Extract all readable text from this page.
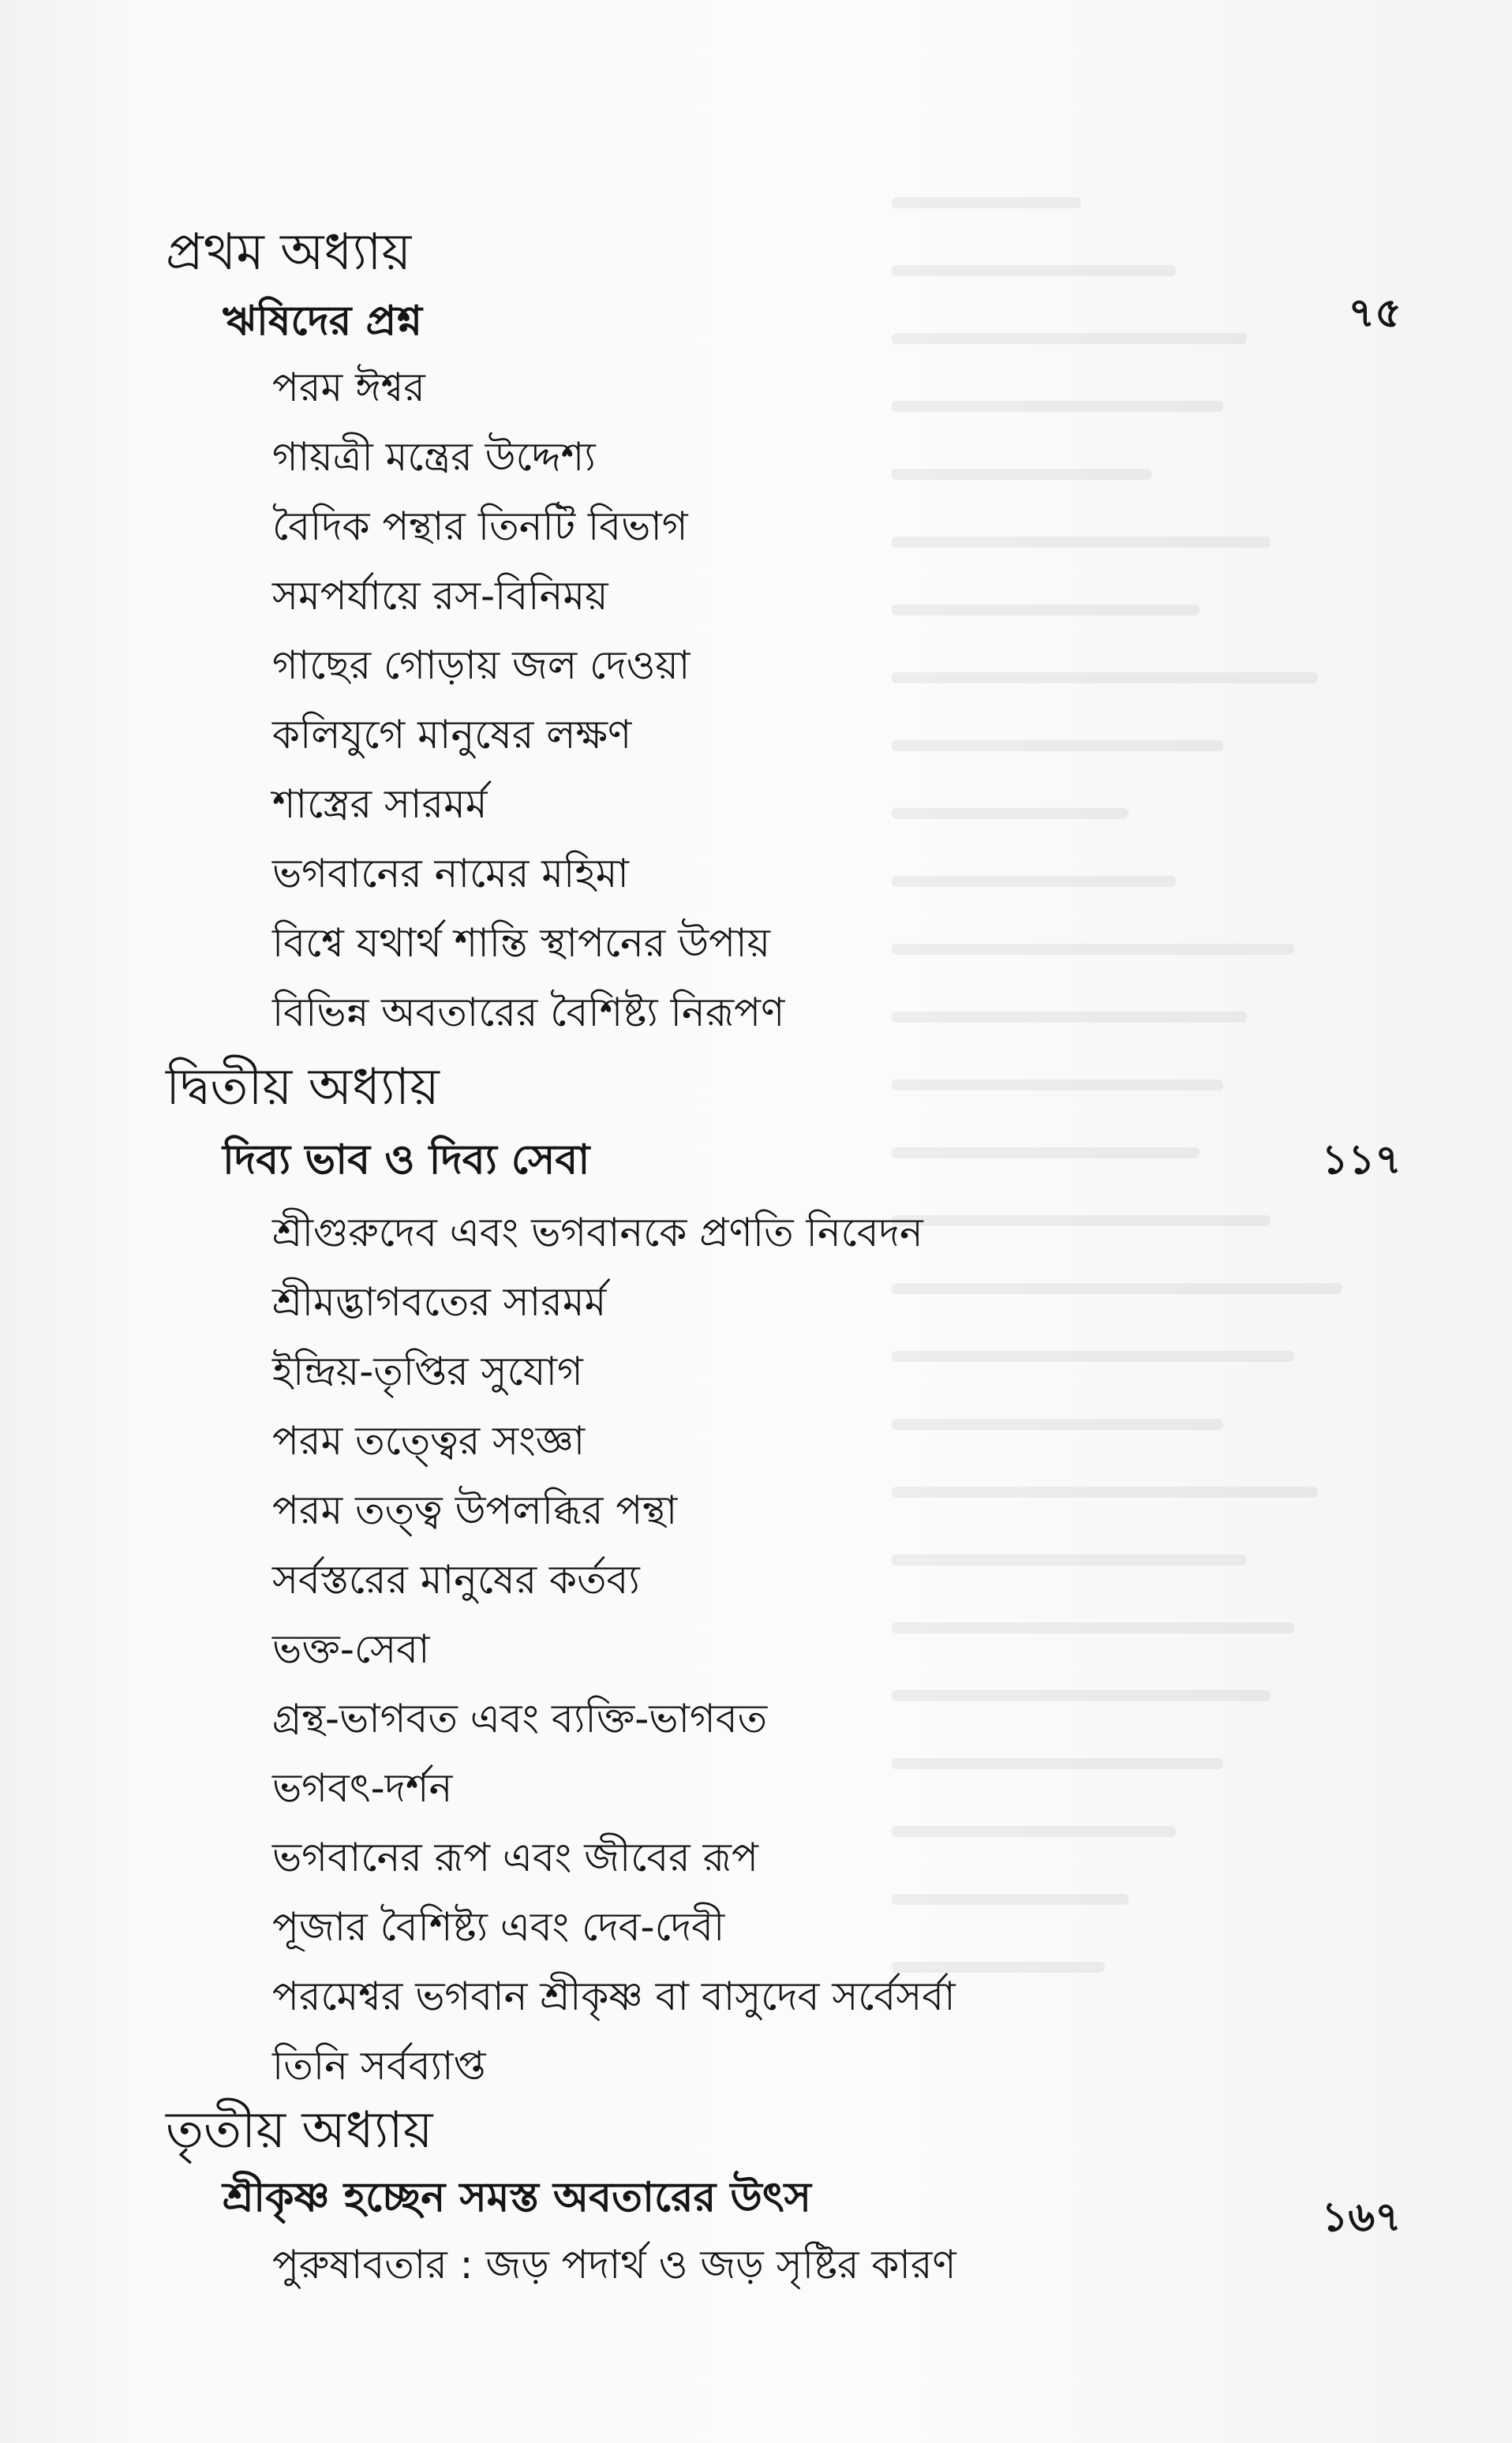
প্রথম অধ্যায়
ঋষিদের প্রশ্ন	৭৫
পরম ঈশ্বর
গায়ত্রী মন্ত্রের উদ্দেশ্য
বৈদিক পন্থার তিনটি বিভাগ
সমপর্যায়ে রস-বিনিময়
গাছের গোড়ায় জল দেওয়া
কলিযুগে মানুষের লক্ষণ
শাস্ত্রের সারমর্ম
ভগবানের নামের মহিমা
বিশ্বে যথার্থ শান্তি স্থাপনের উপায়
বিভিন্ন অবতারের বৈশিষ্ট্য নিরূপণ
দ্বিতীয় অধ্যায়
দিব্য ভাব ও দিব্য সেবা	১১৭
শ্রীগুরুদেব এবং ভগবানকে প্রণতি নিবেদন
শ্রীমদ্ভাগবতের সারমর্ম
ইন্দ্রিয়-তৃপ্তির সুযোগ
পরম তত্ত্বের সংজ্ঞা
পরম তত্ত্ব উপলব্ধির পন্থা
সর্বস্তরের মানুষের কর্তব্য
ভক্ত-সেবা
গ্রন্থ-ভাগবত এবং ব্যক্তি-ভাগবত
ভগবৎ-দর্শন
ভগবানের রূপ এবং জীবের রূপ
পূজার বৈশিষ্ট্য এবং দেব-দেবী
পরমেশ্বর ভগবান শ্রীকৃষ্ণ বা বাসুদেব সর্বেসর্বা
তিনি সর্বব্যাপ্ত
তৃতীয় অধ্যায়
শ্রীকৃষ্ণ হচ্ছেন সমস্ত অবতারের উৎস	১৬৭
পুরুষাবতার : জড় পদার্থ ও জড় সৃষ্টির কারণ
